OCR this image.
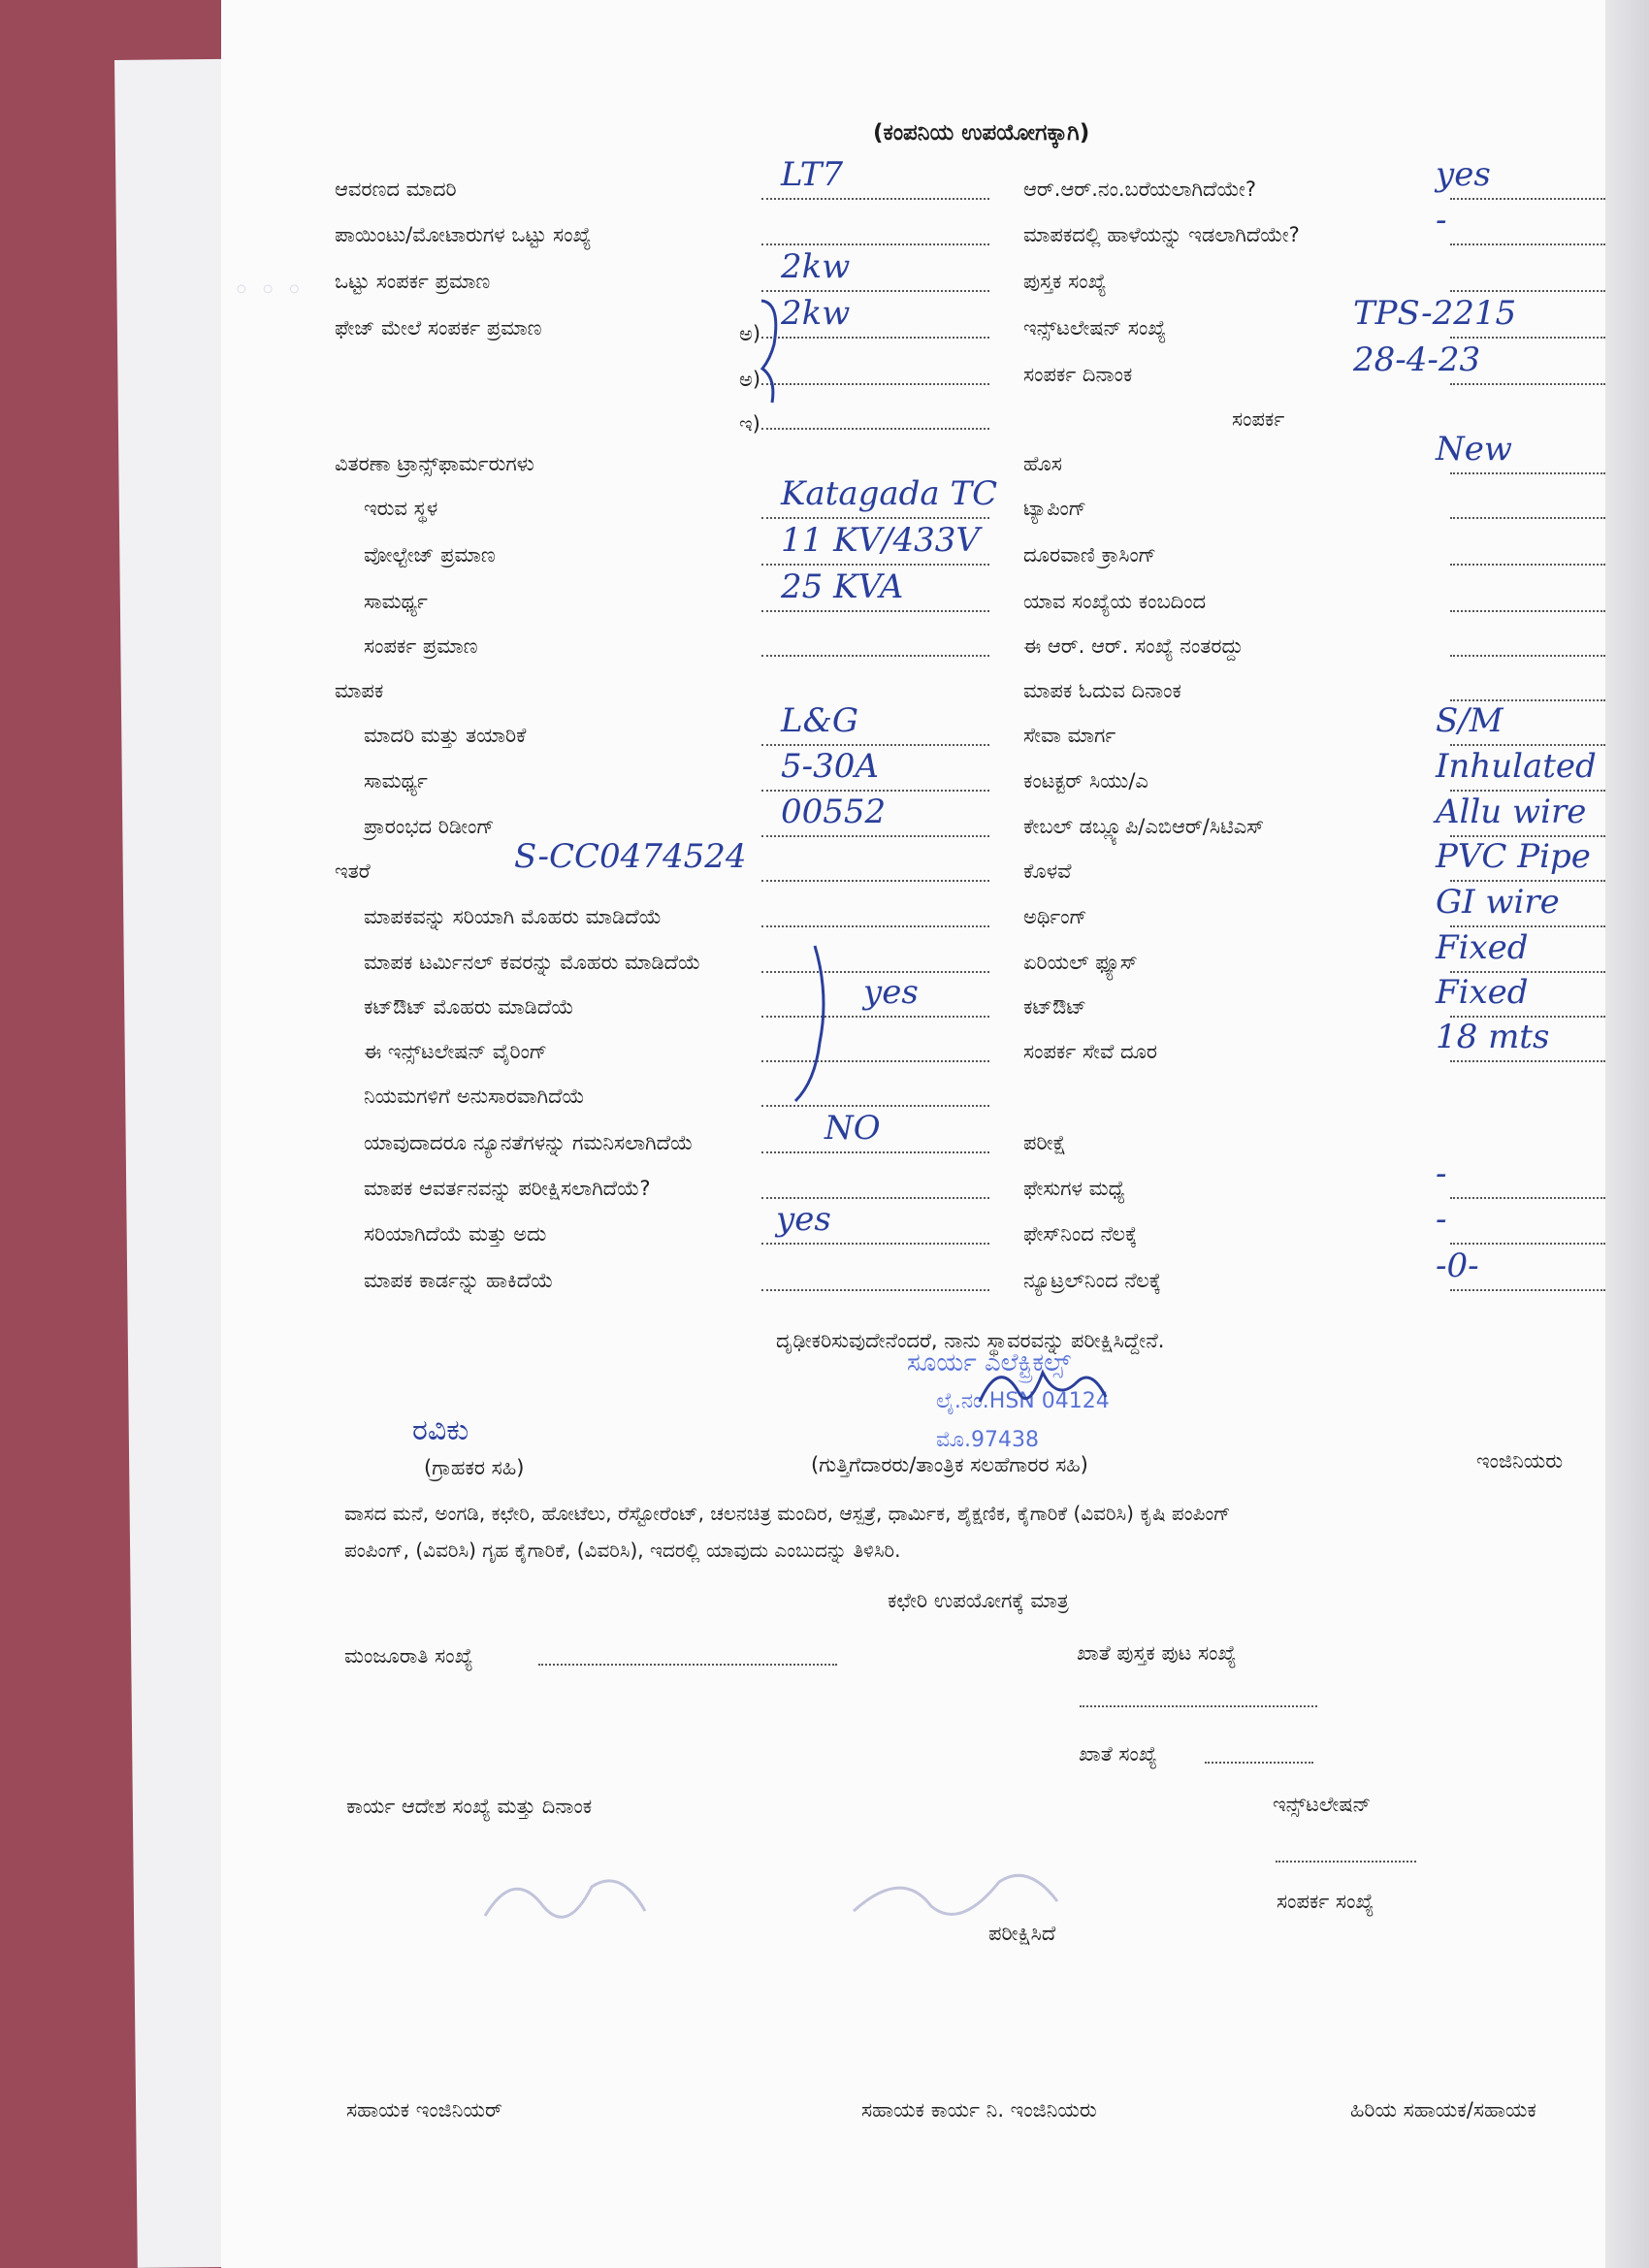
◦ ◦ ◦
(ಕಂಪನಿಯ ಉಪಯೋಗಕ್ಕಾಗಿ)
ಆವರಣದ ಮಾದರಿ	LT7
ಪಾಯಿಂಟು/ಮೋಟಾರುಗಳ ಒಟ್ಟು ಸಂಖ್ಯೆ
ಒಟ್ಟು ಸಂಪರ್ಕ ಪ್ರಮಾಣ	2kw
ಫೇಜ್ ಮೇಲೆ ಸಂಪರ್ಕ ಪ್ರಮಾಣ	2kw
ವಿತರಣಾ ಟ್ರಾನ್ಸ್‌ಫಾರ್ಮರುಗಳು
ಇರುವ ಸ್ಥಳ	Katagada TC
ವೋಲ್ಟೇಜ್ ಪ್ರಮಾಣ	11 KV/433V
ಸಾಮರ್ಥ್ಯ	25 KVA
ಸಂಪರ್ಕ ಪ್ರಮಾಣ
ಮಾಪಕ
ಮಾದರಿ ಮತ್ತು ತಯಾರಿಕೆ	L&G
ಸಾಮರ್ಥ್ಯ	5-30A
ಪ್ರಾರಂಭದ ರಿಡೀಂಗ್	00552
ಇತರೆ	S-CC0474524
ಮಾಪಕವನ್ನು ಸರಿಯಾಗಿ ಮೊಹರು ಮಾಡಿದೆಯೆ
ಮಾಪಕ ಟರ್ಮಿನಲ್ ಕವರನ್ನು ಮೊಹರು ಮಾಡಿದೆಯೆ
ಕಟ್‌ಔಟ್ ಮೊಹರು ಮಾಡಿದೆಯೆ	yes
ಈ ಇನ್ಸ್‌ಟಲೇಷನ್ ವೈರಿಂಗ್
ನಿಯಮಗಳಿಗೆ ಅನುಸಾರವಾಗಿದೆಯೆ
ಯಾವುದಾದರೂ ನ್ಯೂನತೆಗಳನ್ನು ಗಮನಿಸಲಾಗಿದೆಯೆ	NO
ಮಾಪಕ ಆವರ್ತನವನ್ನು ಪರೀಕ್ಷಿಸಲಾಗಿದೆಯೆ?
ಸರಿಯಾಗಿದೆಯೆ ಮತ್ತು ಅದು	yes
ಮಾಪಕ ಕಾರ್ಡನ್ನು ಹಾಕಿದೆಯೆ
ಆರ್.ಆರ್.ನಂ.ಬರೆಯಲಾಗಿದೆಯೇ?	yes
ಮಾಪಕದಲ್ಲಿ ಹಾಳೆಯನ್ನು ಇಡಲಾಗಿದೆಯೇ?	-
ಪುಸ್ತಕ ಸಂಖ್ಯೆ
ಇನ್ಸ್‌ಟಲೇಷನ್ ಸಂಖ್ಯೆ	TPS-2215
ಸಂಪರ್ಕ ದಿನಾಂಕ	28-4-23
ಸಂಪರ್ಕ
ಹೊಸ	New
ಟ್ಯಾಪಿಂಗ್
ದೂರವಾಣಿ ಕ್ರಾಸಿಂಗ್
ಯಾವ ಸಂಖ್ಯೆಯ ಕಂಬದಿಂದ
ಈ ಆರ್. ಆರ್. ಸಂಖ್ಯೆ ನಂತರದ್ದು
ಮಾಪಕ ಓದುವ ದಿನಾಂಕ
ಸೇವಾ ಮಾರ್ಗ	S/M
ಕಂಟಕ್ಟರ್ ಸಿಯು/ಎ	Inhulated
ಕೇಬಲ್ ಡಬ್ಲ್ಯೂಪಿ/ಎಬಿಆರ್/ಸಿಟಿಎಸ್	Allu wire
ಕೊಳವೆ	PVC Pipe
ಅರ್ಥಿಂಗ್	GI wire
ಏರಿಯಲ್ ಫ್ಯೂಸ್	Fixed
ಕಟ್‌ಔಟ್	Fixed
ಸಂಪರ್ಕ ಸೇವೆ ದೂರ	18 mts
ಪರೀಕ್ಷೆ
ಫೇಸುಗಳ ಮಧ್ಯೆ	-
ಫೇಸ್‌ನಿಂದ ನೆಲಕ್ಕೆ	-
ನ್ಯೂಟ್ರಲ್‌ನಿಂದ ನೆಲಕ್ಕೆ	-0-
ಅ)
ಅ)
ಇ)
ದೃಢೀಕರಿಸುವುದೇನೆಂದರೆ, ನಾನು ಸ್ಥಾವರವನ್ನು ಪರೀಕ್ಷಿಸಿದ್ದೇನೆ.
ಸೂರ್ಯ ಎಲೆಕ್ಟ್ರಿಕಲ್ಸ್
ಲೈ.ನಂ.HSN 04124
ಮೊ.97438
ರವಿಕು
(ಗ್ರಾಹಕರ ಸಹಿ)	(ಗುತ್ತಿಗೆದಾರರು/ತಾಂತ್ರಿಕ ಸಲಹೆಗಾರರ ಸಹಿ)	ಇಂಜಿನಿಯರು
ವಾಸದ ಮನೆ, ಅಂಗಡಿ, ಕಛೇರಿ, ಹೋಟೆಲು, ರೆಸ್ಟೋರೆಂಟ್, ಚಲನಚಿತ್ರ ಮಂದಿರ, ಆಸ್ಪತ್ರೆ, ಧಾರ್ಮಿಕ, ಶೈಕ್ಷಣಿಕ, ಕೈಗಾರಿಕೆ (ವಿವರಿಸಿ) ಕೃಷಿ ಪಂಪಿಂಗ್
ಪಂಪಿಂಗ್, (ವಿವರಿಸಿ) ಗೃಹ ಕೈಗಾರಿಕೆ, (ವಿವರಿಸಿ), ಇದರಲ್ಲಿ ಯಾವುದು ಎಂಬುದನ್ನು ತಿಳಿಸಿರಿ.
ಕಛೇರಿ ಉಪಯೋಗಕ್ಕೆ ಮಾತ್ರ
ಮಂಜೂರಾತಿ ಸಂಖ್ಯೆ	ಖಾತೆ ಪುಸ್ತಕ ಪುಟ ಸಂಖ್ಯೆ
ಖಾತೆ ಸಂಖ್ಯೆ
ಕಾರ್ಯ ಆದೇಶ ಸಂಖ್ಯೆ ಮತ್ತು ದಿನಾಂಕ	ಇನ್ಸ್‌ಟಲೇಷನ್
ಸಂಪರ್ಕ ಸಂಖ್ಯೆ
ಪರೀಕ್ಷಿಸಿದೆ
ಸಹಾಯಕ ಇಂಜಿನಿಯರ್	ಸಹಾಯಕ ಕಾರ್ಯ ನಿ. ಇಂಜಿನಿಯರು	ಹಿರಿಯ ಸಹಾಯಕ/ಸಹಾಯಕ
